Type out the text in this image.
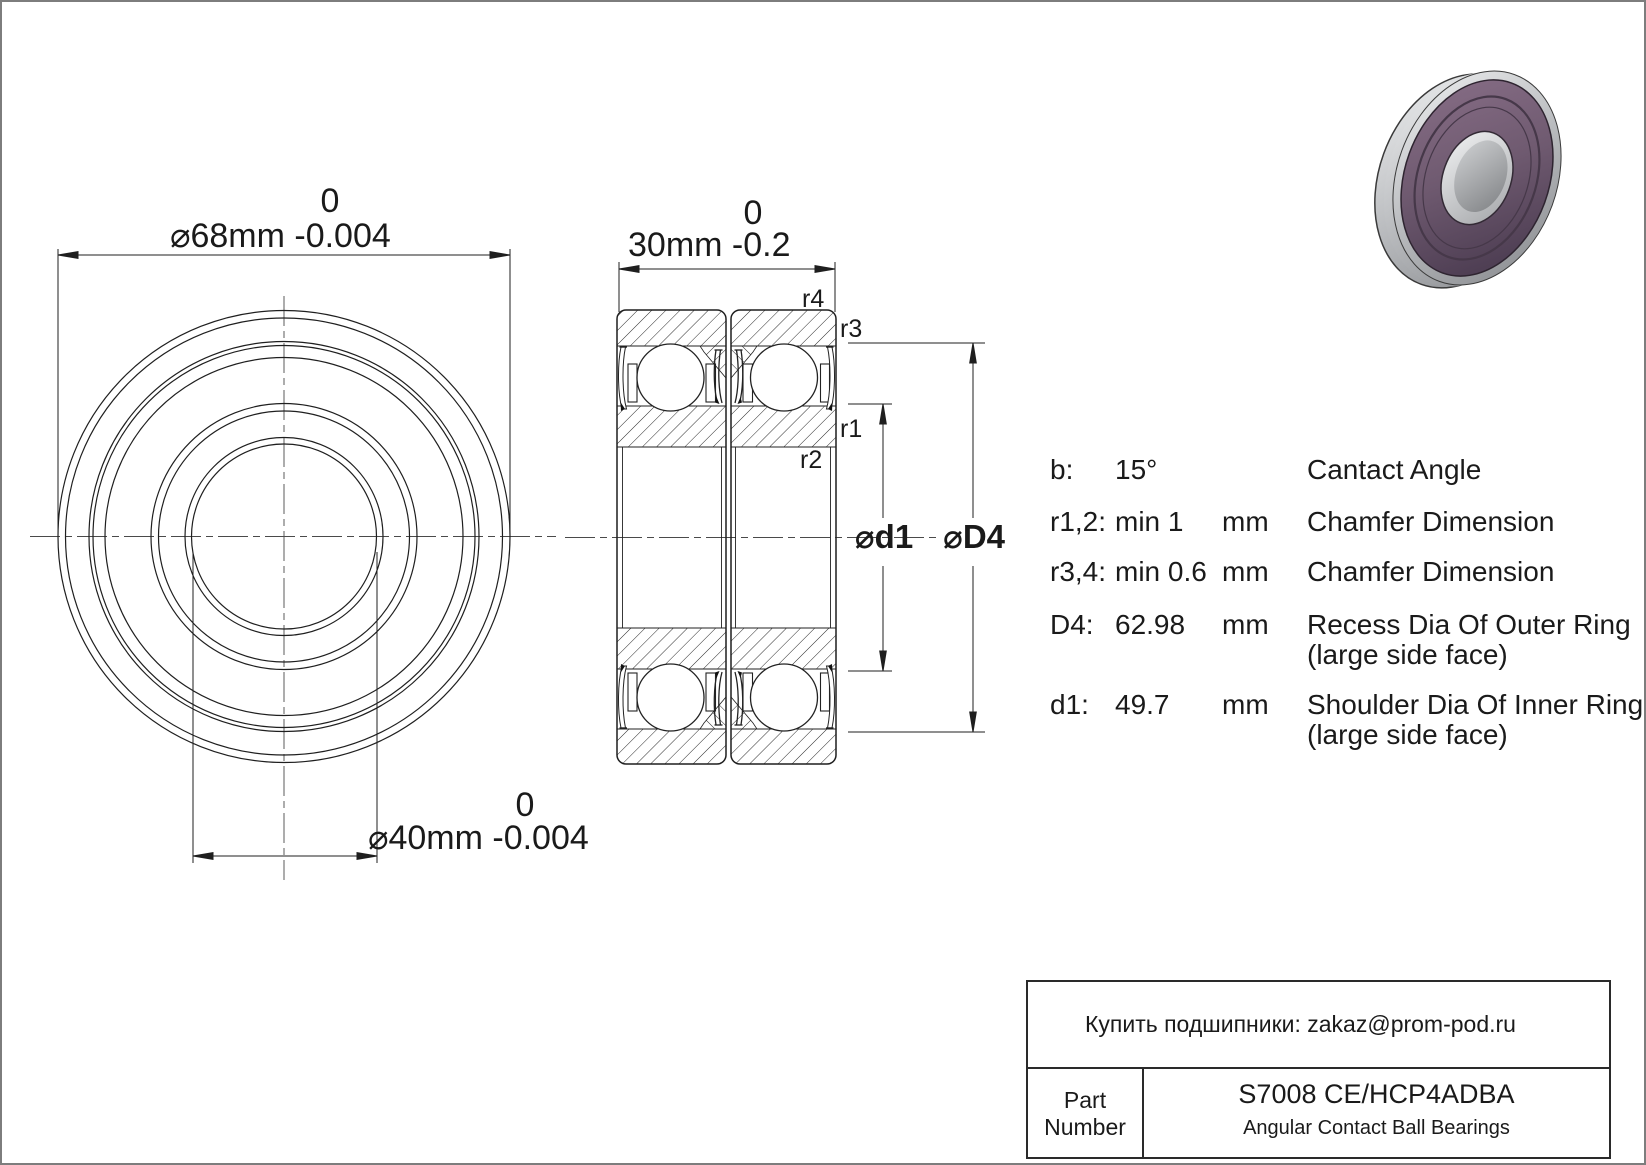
⌀68mm -0.004
0
⌀40mm -0.004
0
30mm -0.2
0
r4
r3
r1
r2
⌀d1 ⌀D4
b: 15°	Cantact Angle
r1,2: min 1 mm Chamfer Dimension
r3,4: min 0.6 mm Chamfer Dimension
D4: 62.98 mm Recess Dia Of Outer Ring
(large side face)
d1: 49.7 mm Shoulder Dia Of Inner Ring
(large side face)
Купить подшипники: zakaz@prom-pod.ru
Part
Number
S7008 CE/HCP4ADBA
Angular Contact Ball Bearings
